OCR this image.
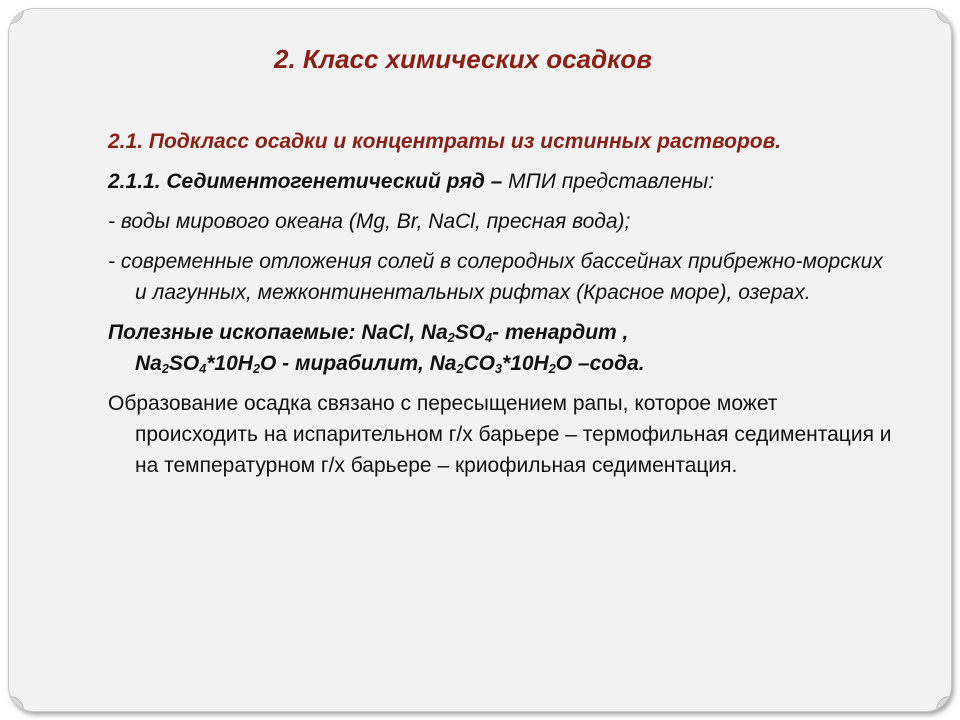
2. Класс химических осадков

2.1. Подкласс осадки и концентраты из истинных растворов.

2.1.1. Седиментогенетический ряд – МПИ представлены:

- воды мирового океана (Mg, Br, NaCl, пресная вода);

- современные отложения солей в солеродных бассейнах прибрежно-морских и лагунных, межконтинентальных рифтах (Красное море), озерах.

Полезные ископаемые: NaCl, $Na_2SO_4-$ тенардит ,
$Na_2SO_4*10H_2O$ - мирабилит, $Na_2CO_3*10H_2O$ –сода.

Образование осадка связано с пересыщением рапы, которое может происходить на испарительном г/х барьере – термофильная седиментация и на температурном г/х барьере – криофильная седиментация.
